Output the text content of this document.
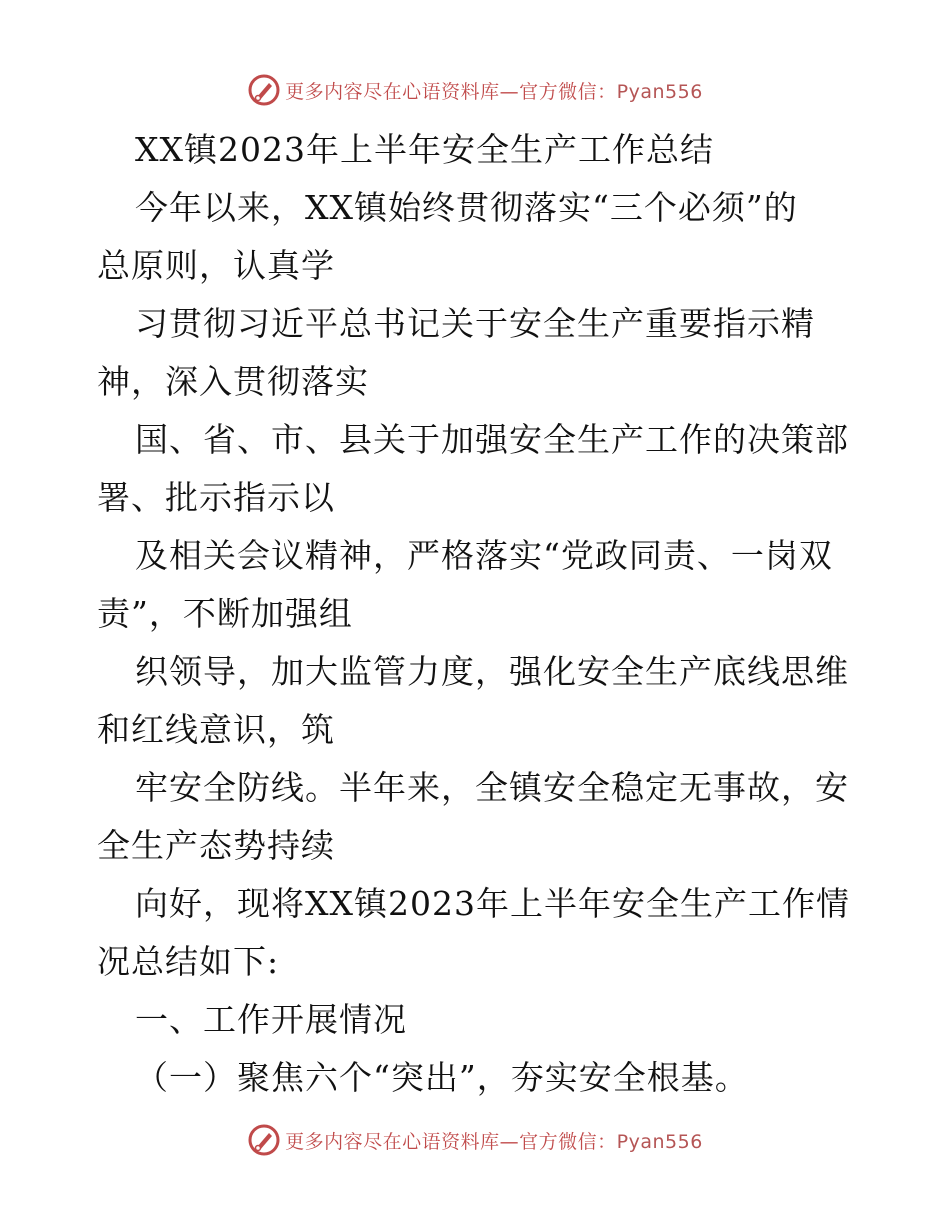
更多内容尽在心语资料库—官方微信：Pyan556
XX镇2023年上半年安全生产工作总结
今年以来，XX镇始终贯彻落实“三个必须”的
总原则，认真学
习贯彻习近平总书记关于安全生产重要指示精
神，深入贯彻落实
国、省、市、县关于加强安全生产工作的决策部
署、批示指示以
及相关会议精神，严格落实“党政同责、一岗双
责”，不断加强组
织领导，加大监管力度，强化安全生产底线思维
和红线意识，筑
牢安全防线。半年来，全镇安全稳定无事故，安
全生产态势持续
向好，现将XX镇2023年上半年安全生产工作情
况总结如下:
一、工作开展情况
（一）聚焦六个“突出”，夯实安全根基。
更多内容尽在心语资料库—官方微信：Pyan556
